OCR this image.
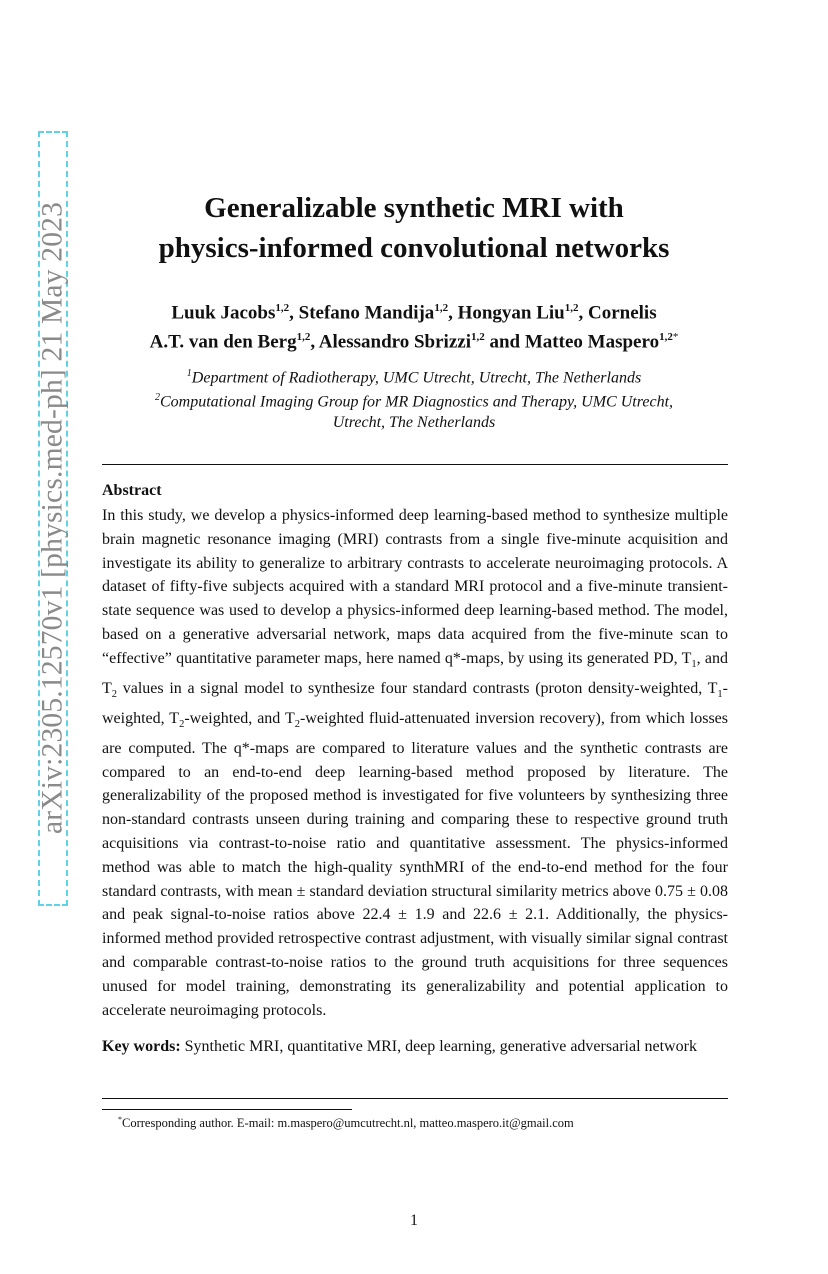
arXiv:2305.12570v1 [physics.med-ph] 21 May 2023	Generalizable synthetic MRI with
physics-informed convolutional networks
Luuk Jacobs$^{1,2}$, Stefano Mandija$^{1,2}$, Hongyan Liu$^{1,2}$, Cornelis
A.T. van den Berg$^{1,2}$, Alessandro Sbrizzi$^{1,2}$ and Matteo Maspero$^{1,2*}$
$^1$Department of Radiotherapy, UMC Utrecht, Utrecht, The Netherlands
$^2$Computational Imaging Group for MR Diagnostics and Therapy, UMC Utrecht,
Utrecht, The Netherlands
Abstract

In this study, we develop a physics-informed deep learning-based method to synthesize multiple brain magnetic resonance imaging (MRI) contrasts from a single five-minute acquisition and investigate its ability to generalize to arbitrary contrasts to accelerate neuroimaging protocols. A dataset of fifty-five subjects acquired with a standard MRI protocol and a five-minute transient-state sequence was used to develop a physics-informed deep learning-based method. The model, based on a generative adversarial network, maps data acquired from the five-minute scan to “effective” quantitative parameter maps, here named q*-maps, by using its generated PD, $T_1$, and $T_2$ values in a signal model to synthesize four standard contrasts (proton density-weighted, $T_1$-weighted, $T_2$-weighted, and $T_2$-weighted fluid-attenuated inversion recovery), from which losses are computed. The q*-maps are compared to literature values and the synthetic contrasts are compared to an end-to-end deep learning-based method proposed by literature. The generalizability of the proposed method is investigated for five volunteers by synthesizing three non-standard contrasts unseen during training and comparing these to respective ground truth acquisitions via contrast-to-noise ratio and quantitative assessment. The physics-informed method was able to match the high-quality synthMRI of the end-to-end method for the four standard contrasts, with mean ± standard deviation structural similarity metrics above 0.75 ± 0.08 and peak signal-to-noise ratios above 22.4 ± 1.9 and 22.6 ± 2.1. Additionally, the physics-informed method provided retrospective contrast adjustment, with visually similar signal contrast and comparable contrast-to-noise ratios to the ground truth acquisitions for three sequences unused for model training, demonstrating its generalizability and potential application to accelerate neuroimaging protocols.

Key words: Synthetic MRI, quantitative MRI, deep learning, generative adversarial network
*Corresponding author. E-mail: m.maspero@umcutrecht.nl, matteo.maspero.it@gmail.com
1
